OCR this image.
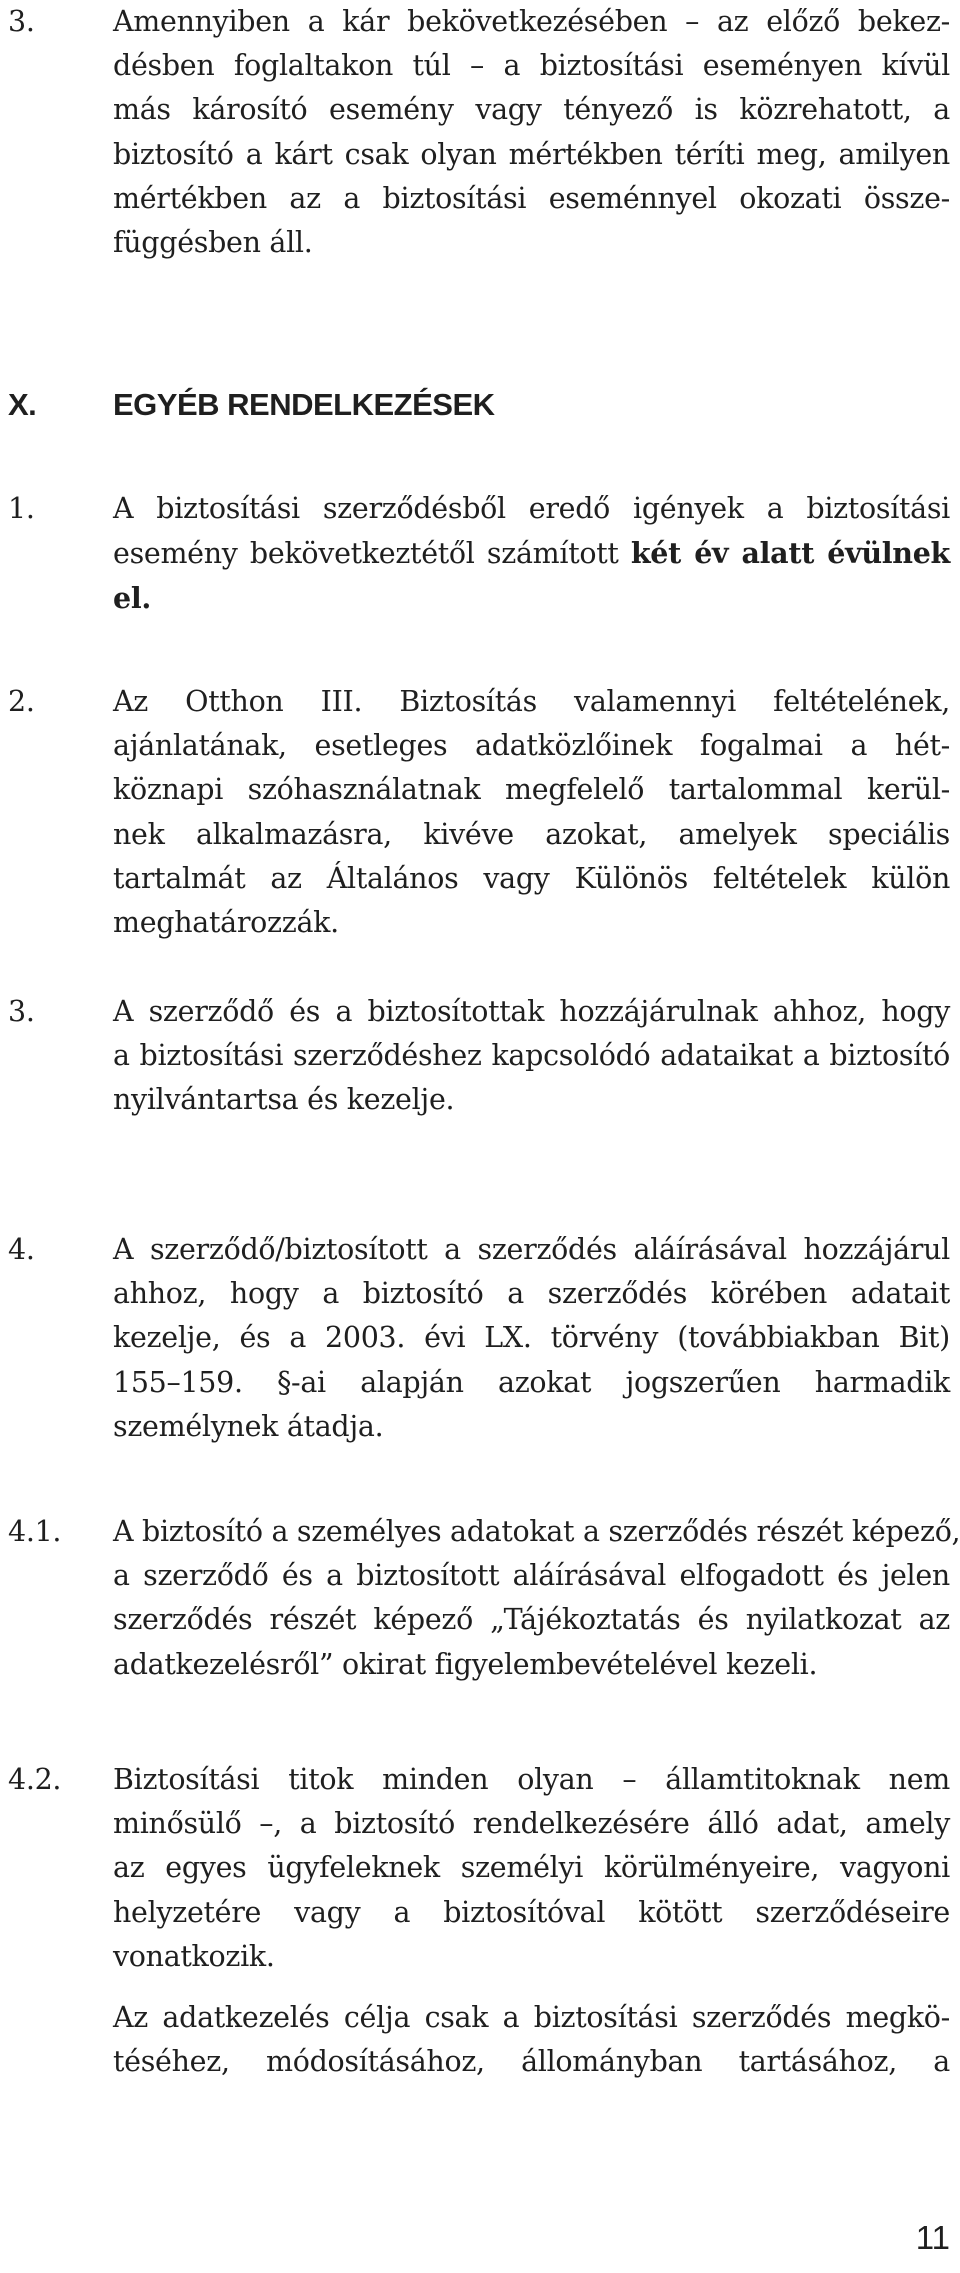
3.	Amennyiben a kár bekövetkezésében – az előző bekez-
désben foglaltakon túl – a biztosítási eseményen kívül
más károsító esemény vagy tényező is közrehatott, a
biztosító a kárt csak olyan mértékben téríti meg, amilyen
mértékben az a biztosítási eseménnyel okozati össze-
függésben áll.
X. EGYÉB RENDELKEZÉSEK
1.	A biztosítási szerződésből eredő igények a biztosítási
esemény bekövetkeztétől számított két év alatt évülnek
el.
2.	Az Otthon III. Biztosítás valamennyi feltételének,
ajánlatának, esetleges adatközlőinek fogalmai a hét-
köznapi szóhasználatnak megfelelő tartalommal kerül-
nek alkalmazásra, kivéve azokat, amelyek speciális
tartalmát az Általános vagy Különös feltételek külön
meghatározzák.
3.	A szerződő és a biztosítottak hozzájárulnak ahhoz, hogy
a biztosítási szerződéshez kapcsolódó adataikat a biztosító
nyilvántartsa és kezelje.
4.	A szerződő/biztosított a szerződés aláírásával hozzájárul
ahhoz, hogy a biztosító a szerződés körében adatait
kezelje, és a 2003. évi LX. törvény (továbbiakban Bit)
155–159. §-ai alapján azokat jogszerűen harmadik
személynek átadja.
4.1. A biztosító a személyes adatokat a szerződés részét képező,
a szerződő és a biztosított aláírásával elfogadott és jelen
szerződés részét képező „Tájékoztatás és nyilatkozat az
adatkezelésről” okirat figyelembevételével kezeli.
4.2. Biztosítási titok minden olyan – államtitoknak nem
minősülő –, a biztosító rendelkezésére álló adat, amely
az egyes ügyfeleknek személyi körülményeire, vagyoni
helyzetére vagy a biztosítóval kötött szerződéseire
vonatkozik.
Az adatkezelés célja csak a biztosítási szerződés megkö-
téséhez, módosításához, állományban tartásához, a
11
